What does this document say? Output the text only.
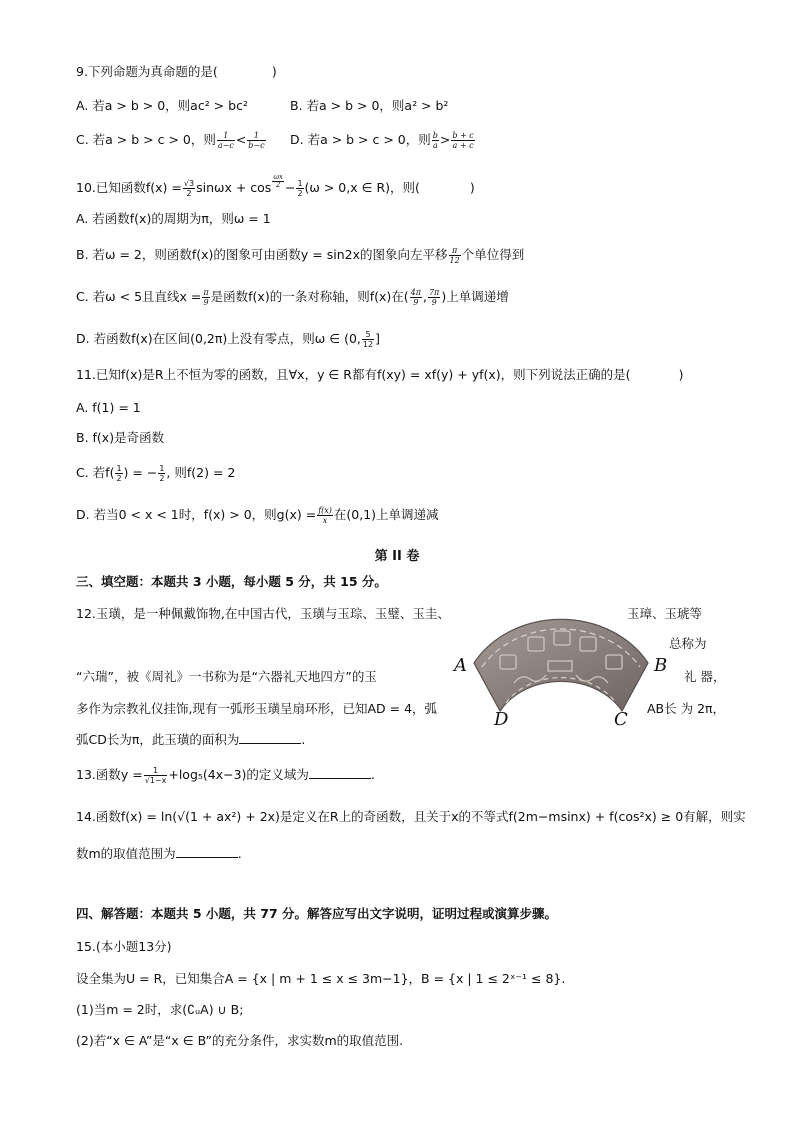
9.下列命题为真命题的是(	)
A. 若a > b > 0，则ac² > bc²	B. 若a > b > 0，则a² > b²
C. 若a > b > c > 0，则 $\frac{1}{a-c} < \frac{1}{b-c} D$. 若a > b > c > 0，则 $\frac{b}{a} > \frac{b + c}{a + c}$
10.已知函数$f(x) = \frac{√3}{2}$ $\sin\omega x + \cos \frac{\omega x}{2} - \frac{1}{2} (\omega > 0,x$ ∈ R)，则(	)
A. 若函数f(x)的周期为π，则ω = 1
B. 若ω = 2，则函数f(x)的图象可由函数y = sin2x的图象向左平移 $\frac{\pi}{12}$ 个单位得到
C. 若ω < 5且直线$x = \frac{\pi}{9}$ 是函数f(x)的一条对称轴，则f(x)在( $\frac{4\pi}{9}$ , $\frac{7\pi}{9}$ )上单调递增
D. 若函数f(x)在区间(0,2π)上没有零点，则ω ∈ (0, $\frac{5}{12}$ ]
11.已知f(x)是R上不恒为零的函数，且∀x，y ∈ R都有f(xy) = xf(y) + yf(x)，则下列说法正确的是(	)
A. f(1) = 1
B. f(x)是奇函数
C. 若$f( \frac{1}{2}$ ) = − $\frac{1}{2}$ , 则f(2) = 2
D. 若当0 < x < 1时，f(x) > 0，则$g(x) = \frac{f(x)}{x}$ 在(0,1)上单调递减
第 II 卷
三、填空题：本题共 3 小题，每小题 5 分，共 15 分。
12.玉璜，是一种佩戴饰物,在中国古代，玉璜与玉琮、玉璧、玉圭、	玉璋、玉琥等
总称为
“六瑞”，被《周礼》一书称为是“六器礼天地四方”的玉	礼 器，
多作为宗教礼仪挂饰,现有一弧形玉璜呈扇环形，已知AD = 4，弧	AB长 为 2π，
弧CD长为π，此玉璜的面积为	.
A	B
C
D
13.函数$y = \frac{1}{√1-x} +\log_5(4x-3)$的定义域为	.
14.函数f(x) = ln(√(1 + ax²) + 2x)是定义在R上的奇函数，且关于x的不等式f(2m−msinx) + f(cos²x) ≥ 0有解，则实
数m的取值范围为	.
四、解答题：本题共 5 小题，共 77 分。解答应写出文字说明，证明过程或演算步骤。
15.(本小题13分)
设全集为U = R，已知集合A = {x | m + 1 ≤ x ≤ 3m−1}，B = {x | 1 ≤ 2ˣ⁻¹ ≤ 8}.
(1)当m = 2时，求(∁ᵤA) ∪ B;
(2)若“x ∈ A”是“x ∈ B”的充分条件，求实数m的取值范围.
